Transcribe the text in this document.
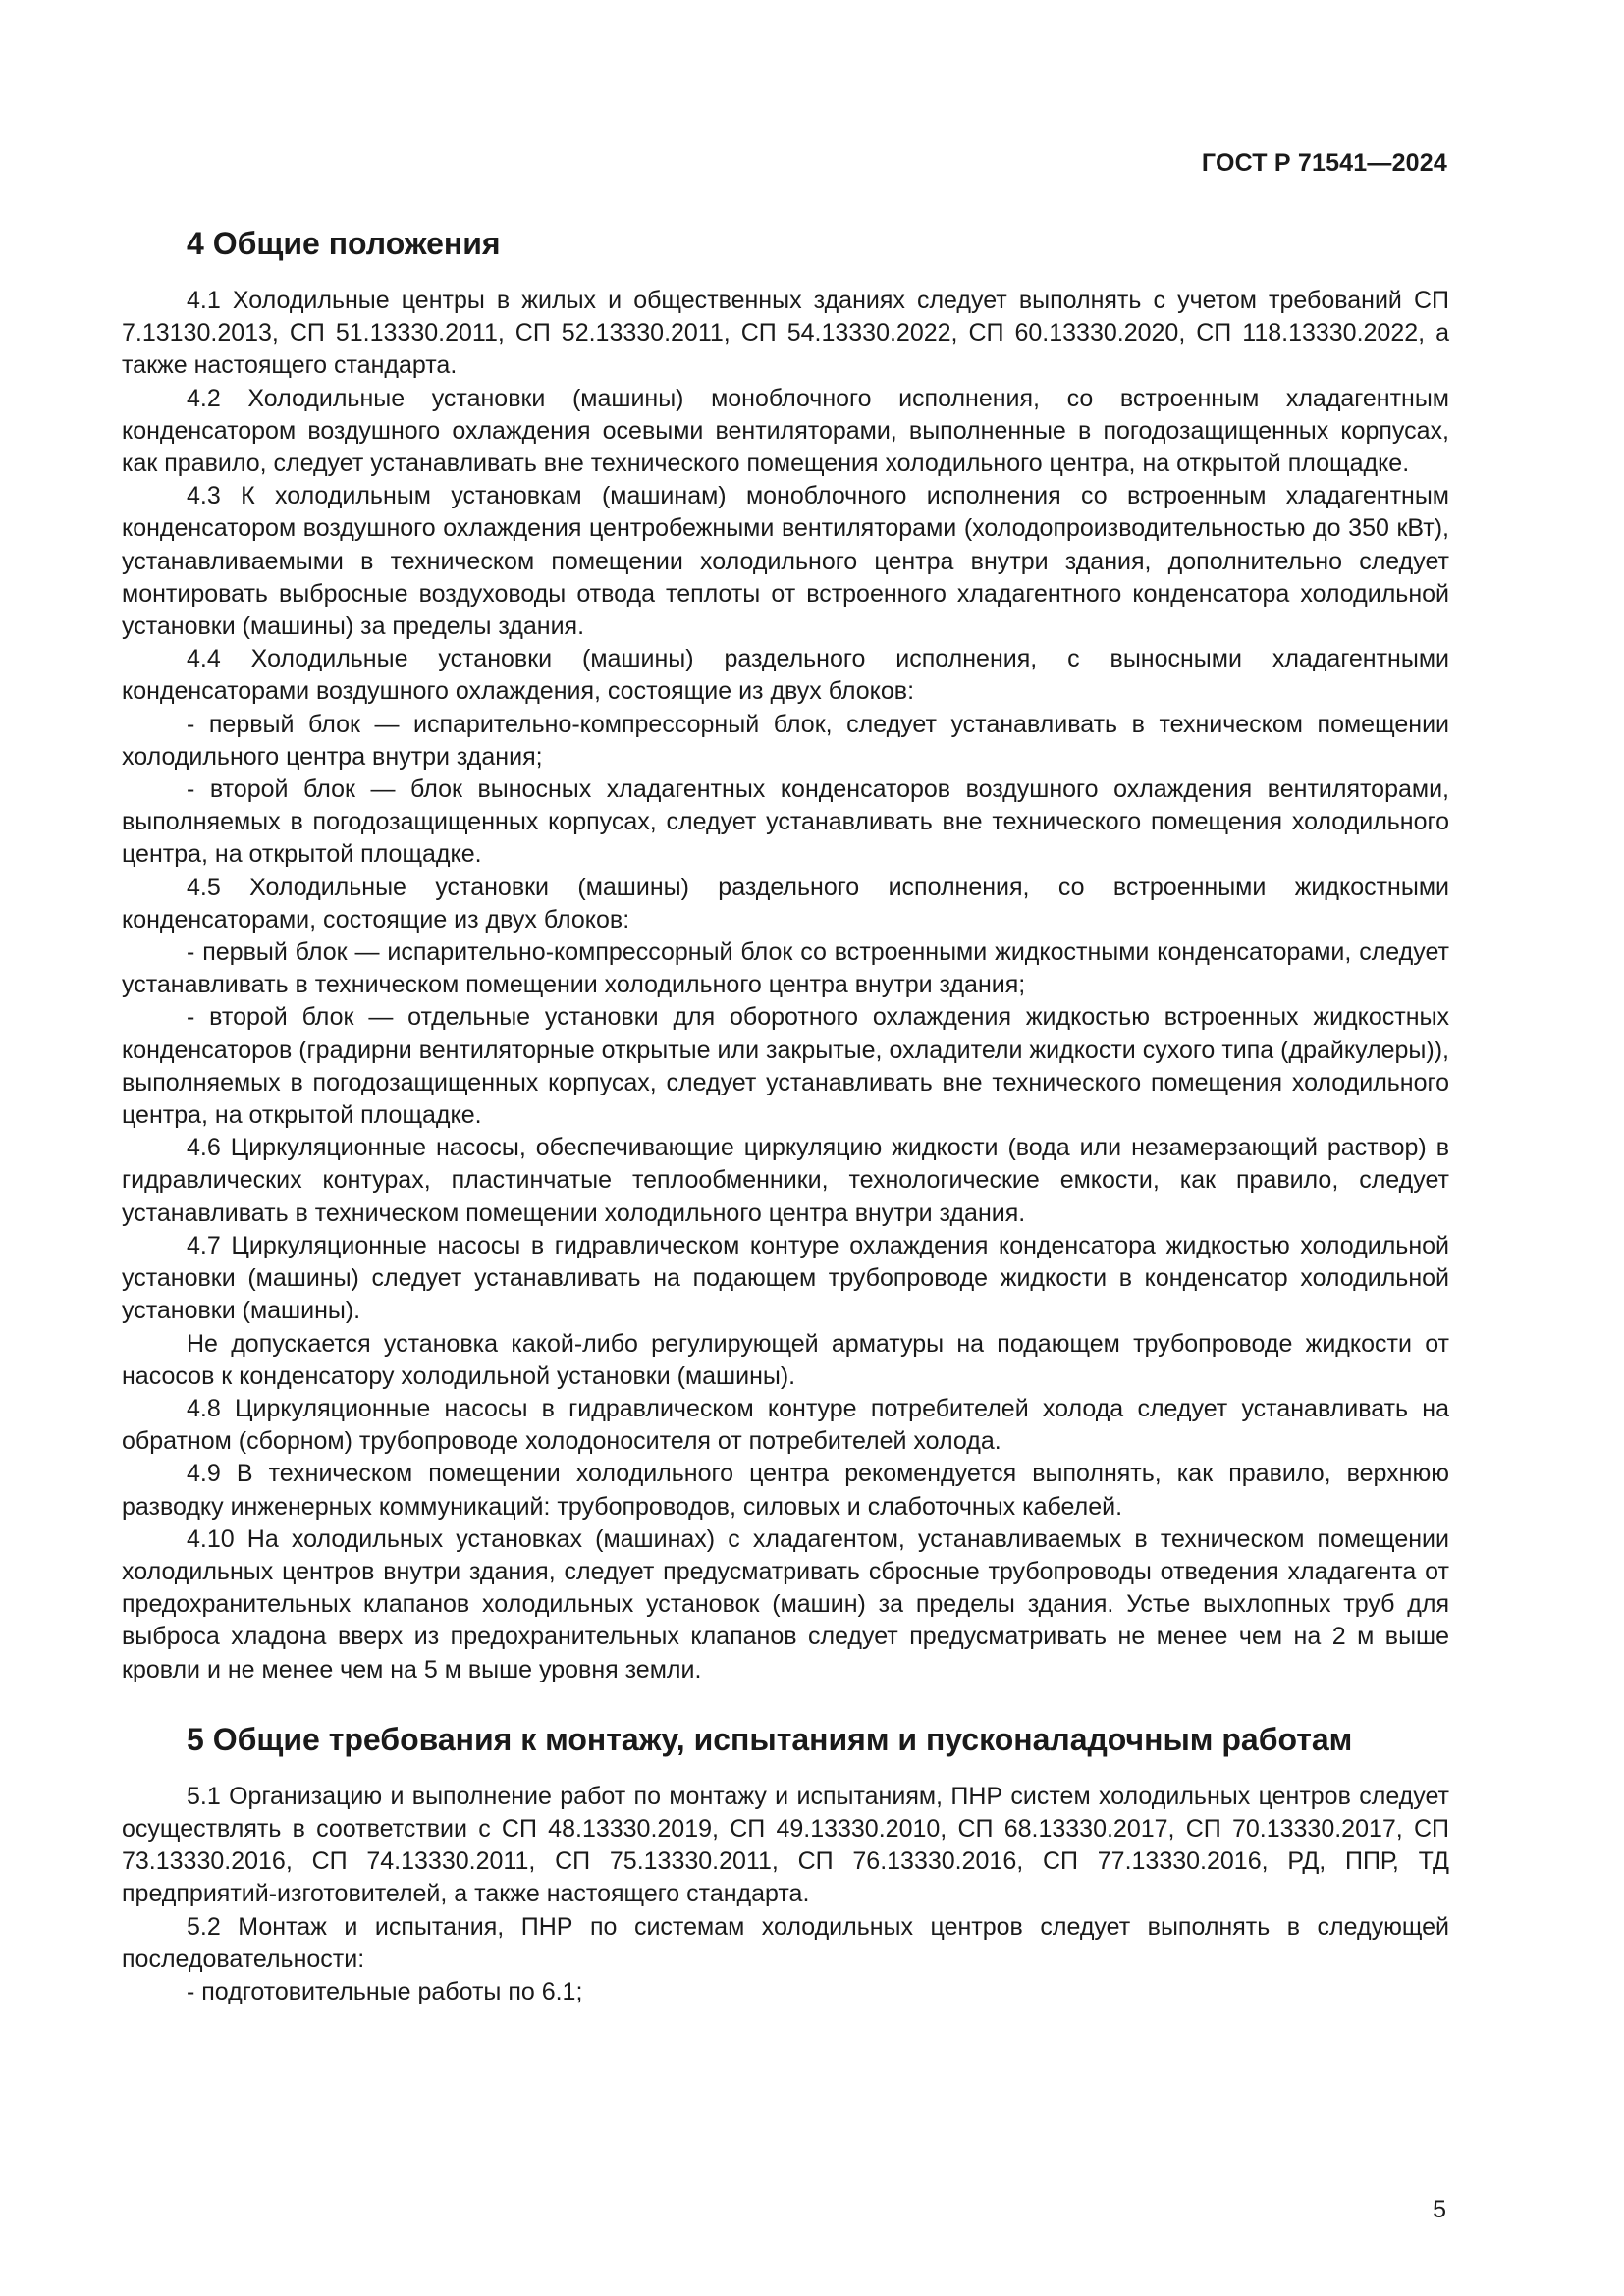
ГОСТ Р 71541—2024
4 Общие положения

4.1 Холодильные центры в жилых и общественных зданиях следует выполнять с учетом требований СП 7.13130.2013, СП 51.13330.2011, СП 52.13330.2011, СП 54.13330.2022, СП 60.13330.2020, СП 118.13330.2022, а также настоящего стандарта.

4.2 Холодильные установки (машины) моноблочного исполнения, со встроенным хладагентным конденсатором воздушного охлаждения осевыми вентиляторами, выполненные в погодозащищенных корпусах, как правило, следует устанавливать вне технического помещения холодильного центра, на открытой площадке.

4.3 К холодильным установкам (машинам) моноблочного исполнения со встроенным хладагентным конденсатором воздушного охлаждения центробежными вентиляторами (холодопроизводительностью до 350 кВт), устанавливаемыми в техническом помещении холодильного центра внутри здания, дополнительно следует монтировать выбросные воздуховоды отвода теплоты от встроенного хладагентного конденсатора холодильной установки (машины) за пределы здания.

4.4 Холодильные установки (машины) раздельного исполнения, с выносными хладагентными конденсаторами воздушного охлаждения, состоящие из двух блоков:

- первый блок — испарительно-компрессорный блок, следует устанавливать в техническом помещении холодильного центра внутри здания;

- второй блок — блок выносных хладагентных конденсаторов воздушного охлаждения вентиляторами, выполняемых в погодозащищенных корпусах, следует устанавливать вне технического помещения холодильного центра, на открытой площадке.

4.5 Холодильные установки (машины) раздельного исполнения, со встроенными жидкостными конденсаторами, состоящие из двух блоков:

- первый блок — испарительно-компрессорный блок со встроенными жидкостными конденсаторами, следует устанавливать в техническом помещении холодильного центра внутри здания;

- второй блок — отдельные установки для оборотного охлаждения жидкостью встроенных жидкостных конденсаторов (градирни вентиляторные открытые или закрытые, охладители жидкости сухого типа (драйкулеры)), выполняемых в погодозащищенных корпусах, следует устанавливать вне технического помещения холодильного центра, на открытой площадке.

4.6 Циркуляционные насосы, обеспечивающие циркуляцию жидкости (вода или незамерзающий раствор) в гидравлических контурах, пластинчатые теплообменники, технологические емкости, как правило, следует устанавливать в техническом помещении холодильного центра внутри здания.

4.7 Циркуляционные насосы в гидравлическом контуре охлаждения конденсатора жидкостью холодильной установки (машины) следует устанавливать на подающем трубопроводе жидкости в конденсатор холодильной установки (машины).

Не допускается установка какой-либо регулирующей арматуры на подающем трубопроводе жидкости от насосов к конденсатору холодильной установки (машины).

4.8 Циркуляционные насосы в гидравлическом контуре потребителей холода следует устанавливать на обратном (сборном) трубопроводе холодоносителя от потребителей холода.

4.9 В техническом помещении холодильного центра рекомендуется выполнять, как правило, верхнюю разводку инженерных коммуникаций: трубопроводов, силовых и слаботочных кабелей.

4.10 На холодильных установках (машинах) с хладагентом, устанавливаемых в техническом помещении холодильных центров внутри здания, следует предусматривать сбросные трубопроводы отведения хладагента от предохранительных клапанов холодильных установок (машин) за пределы здания. Устье выхлопных труб для выброса хладона вверх из предохранительных клапанов следует предусматривать не менее чем на 2 м выше кровли и не менее чем на 5 м выше уровня земли.

5 Общие требования к монтажу, испытаниям и пусконаладочным работам

5.1 Организацию и выполнение работ по монтажу и испытаниям, ПНР систем холодильных центров следует осуществлять в соответствии с СП 48.13330.2019, СП 49.13330.2010, СП 68.13330.2017, СП 70.13330.2017, СП 73.13330.2016, СП 74.13330.2011, СП 75.13330.2011, СП 76.13330.2016, СП 77.13330.2016, РД, ППР, ТД предприятий-изготовителей, а также настоящего стандарта.

5.2 Монтаж и испытания, ПНР по системам холодильных центров следует выполнять в следующей последовательности:

- подготовительные работы по 6.1;

5
